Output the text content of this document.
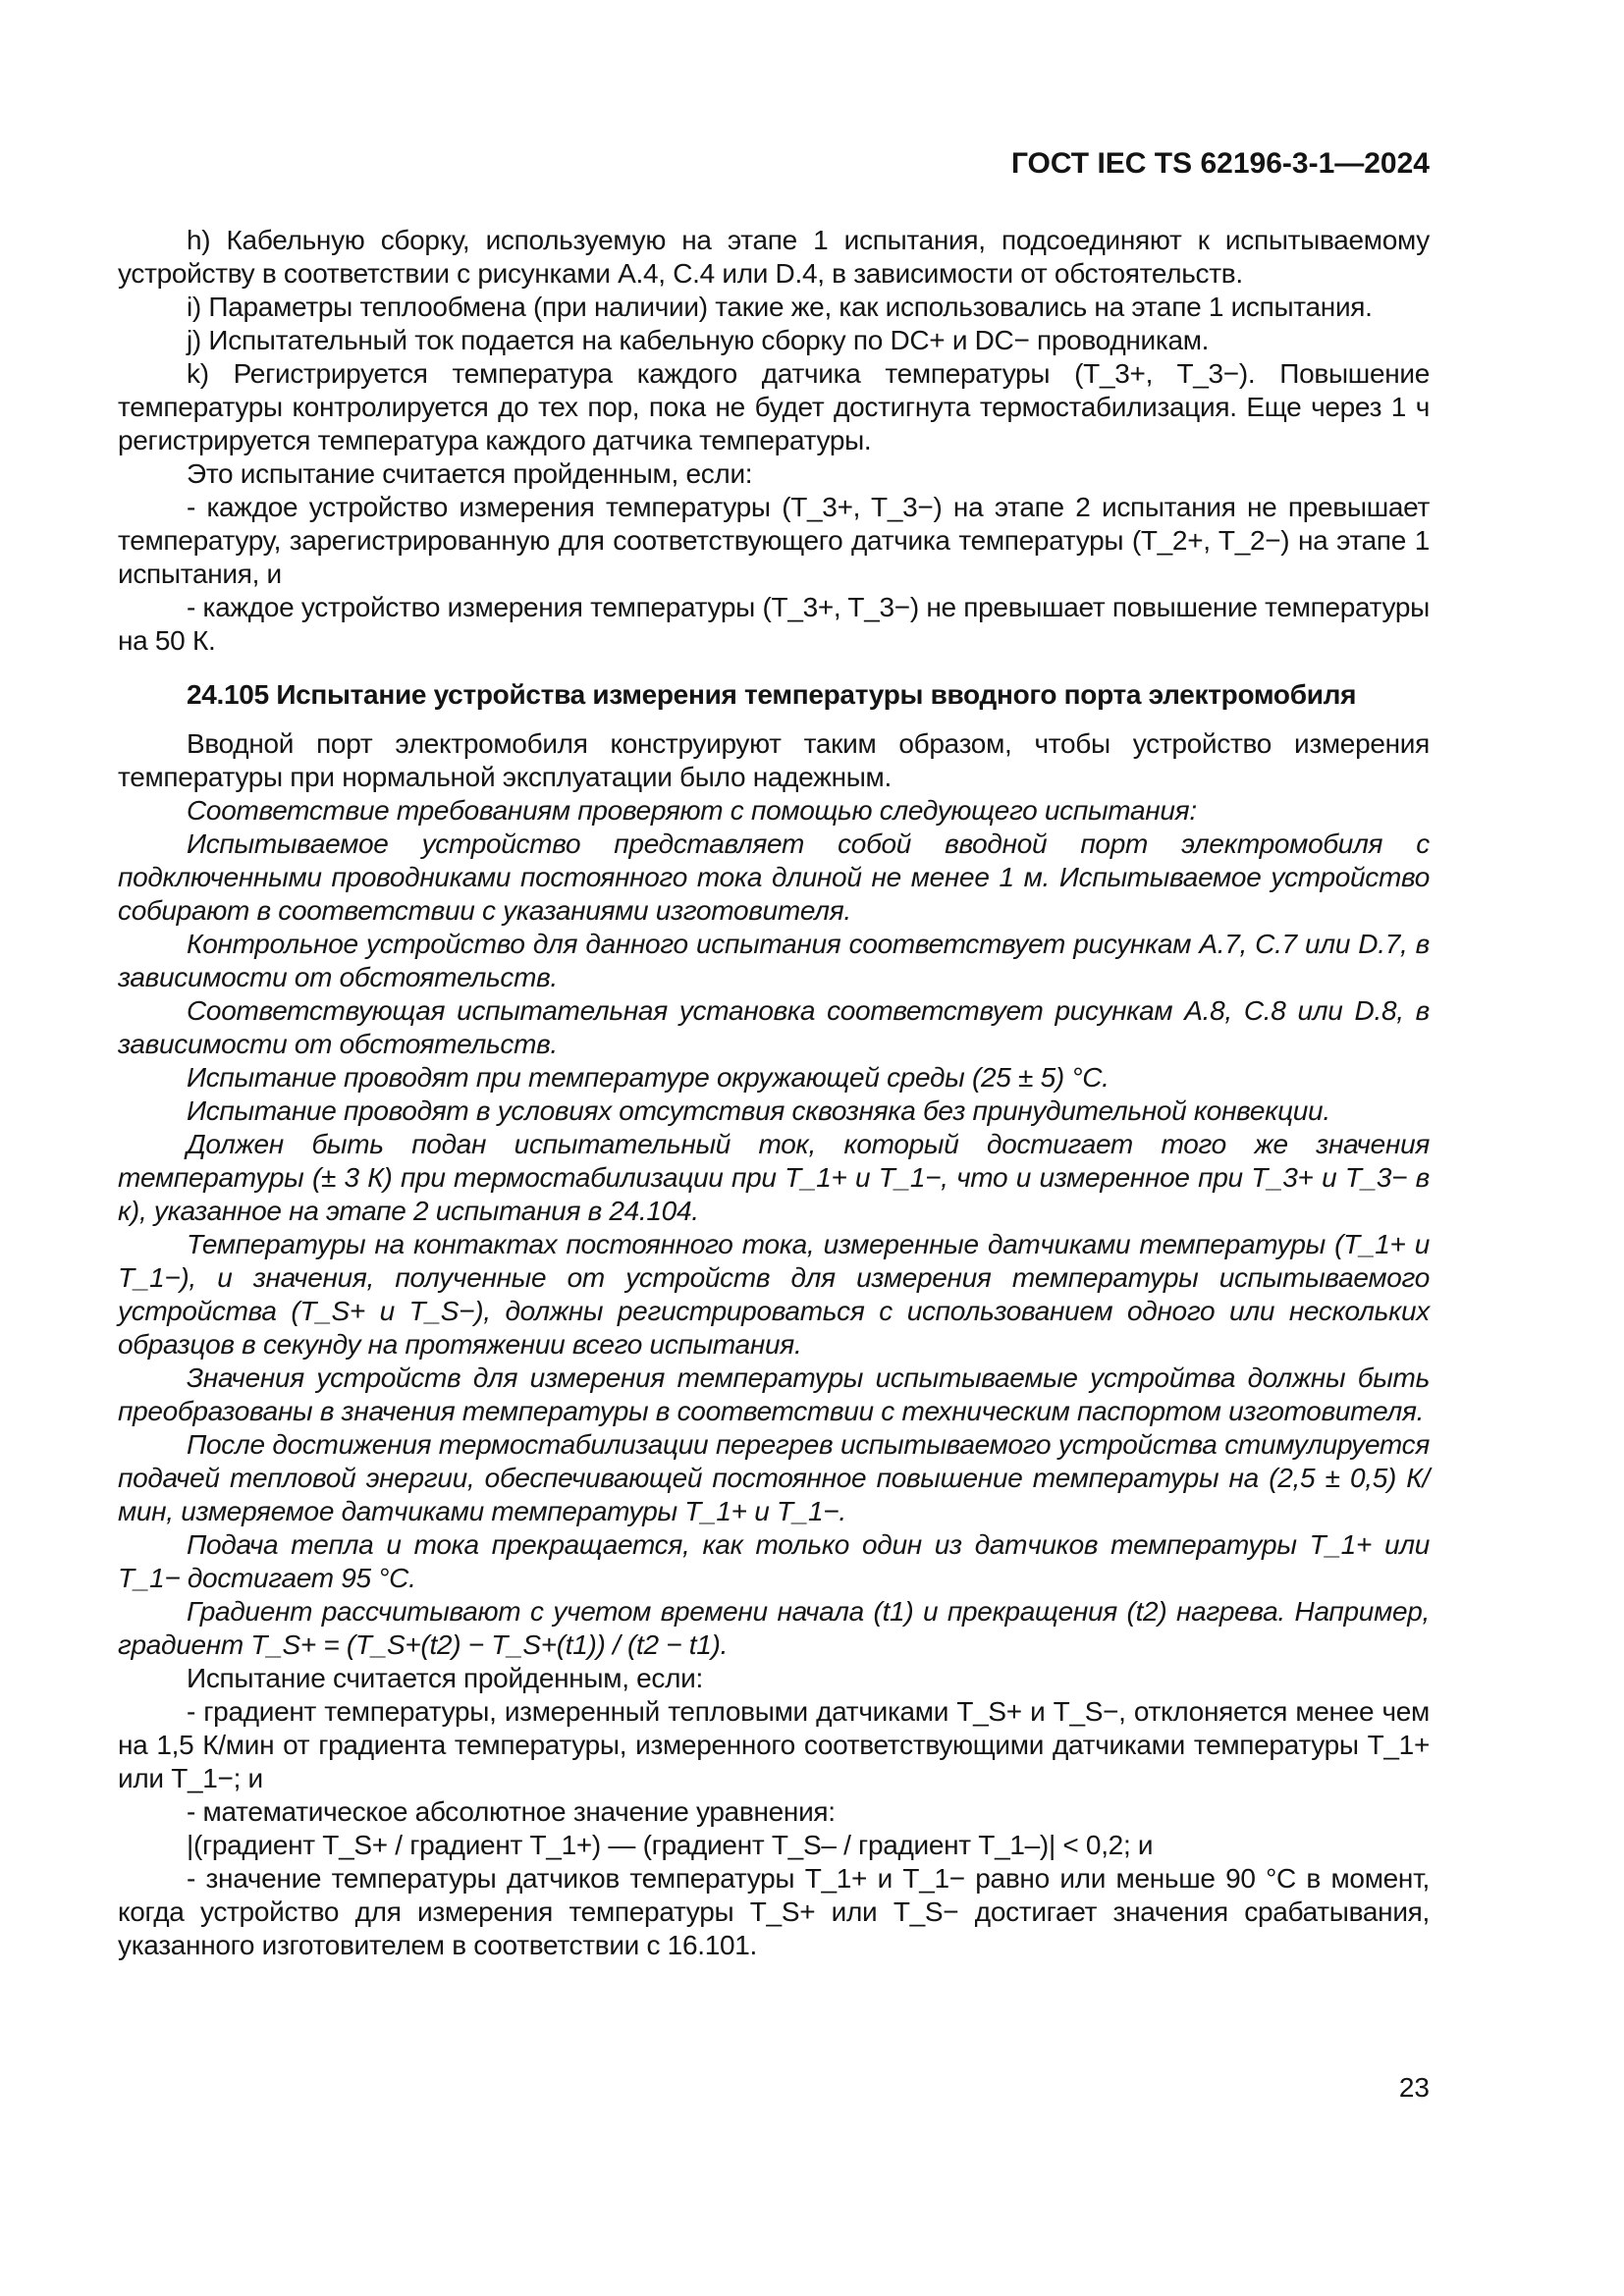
ГОСТ IEC TS 62196-3-1—2024

h) Кабельную сборку, используемую на этапе 1 испытания, подсоединяют к испытываемому устройству в соответствии с рисунками А.4, С.4 или D.4, в зависимости от обстоятельств.

i) Параметры теплообмена (при наличии) такие же, как использовались на этапе 1 испытания.

j) Испытательный ток подается на кабельную сборку по DC+ и DC− проводникам.

k) Регистрируется температура каждого датчика температуры (T_3+, T_3−). Повышение температуры контролируется до тех пор, пока не будет достигнута термостабилизация. Еще через 1 ч регистрируется температура каждого датчика температуры.

Это испытание считается пройденным, если:

- каждое устройство измерения температуры (T_3+, T_3−) на этапе 2 испытания не превышает температуру, зарегистрированную для соответствующего датчика температуры (T_2+, T_2−) на этапе 1 испытания, и

- каждое устройство измерения температуры (T_3+, T_3−) не превышает повышение температуры на 50 К.

24.105 Испытание устройства измерения температуры вводного порта электромобиля

Вводной порт электромобиля конструируют таким образом, чтобы устройство измерения температуры при нормальной эксплуатации было надежным.

Соответствие требованиям проверяют с помощью следующего испытания:

Испытываемое устройство представляет собой вводной порт электромобиля с подключенными проводниками постоянного тока длиной не менее 1 м. Испытываемое устройство собирают в соответствии с указаниями изготовителя.

Контрольное устройство для данного испытания соответствует рисункам А.7, С.7 или D.7, в зависимости от обстоятельств.

Соответствующая испытательная установка соответствует рисункам А.8, С.8 или D.8, в зависимости от обстоятельств.

Испытание проводят при температуре окружающей среды (25 ± 5) °С.

Испытание проводят в условиях отсутствия сквозняка без принудительной конвекции.

Должен быть подан испытательный ток, который достигает того же значения температуры (± 3 К) при термостабилизации при T_1+ и T_1−, что и измеренное при T_3+ и T_3− в к), указанное на этапе 2 испытания в 24.104.

Температуры на контактах постоянного тока, измеренные датчиками температуры (T_1+ и T_1−), и значения, полученные от устройств для измерения температуры испытываемого устройства (T_S+ и T_S−), должны регистрироваться с использованием одного или нескольких образцов в секунду на протяжении всего испытания.

Значения устройств для измерения температуры испытываемые устройтва должны быть преобразованы в значения температуры в соответствии с техническим паспортом изготовителя.

После достижения термостабилизации перегрев испытываемого устройства стимулируется подачей тепловой энергии, обеспечивающей постоянное повышение температуры на (2,5 ± 0,5) К/мин, измеряемое датчиками температуры T_1+ и T_1−.

Подача тепла и тока прекращается, как только один из датчиков температуры T_1+ или T_1− достигает 95 °С.

Градиент рассчитывают с учетом времени начала (t1) и прекращения (t2) нагрева. Например, градиент T_S+ = (T_S+(t2) − T_S+(t1)) / (t2 − t1).

Испытание считается пройденным, если:

- градиент температуры, измеренный тепловыми датчиками T_S+ и T_S−, отклоняется менее чем на 1,5 К/мин от градиента температуры, измеренного соответствующими датчиками температуры T_1+ или T_1−; и

- математическое абсолютное значение уравнения:

|(градиент T_S+ / градиент T_1+) — (градиент T_S– / градиент T_1–)| < 0,2; и

- значение температуры датчиков температуры T_1+ и T_1− равно или меньше 90 °С в момент, когда устройство для измерения температуры T_S+ или T_S− достигает значения срабатывания, указанного изготовителем в соответствии с 16.101.

23
